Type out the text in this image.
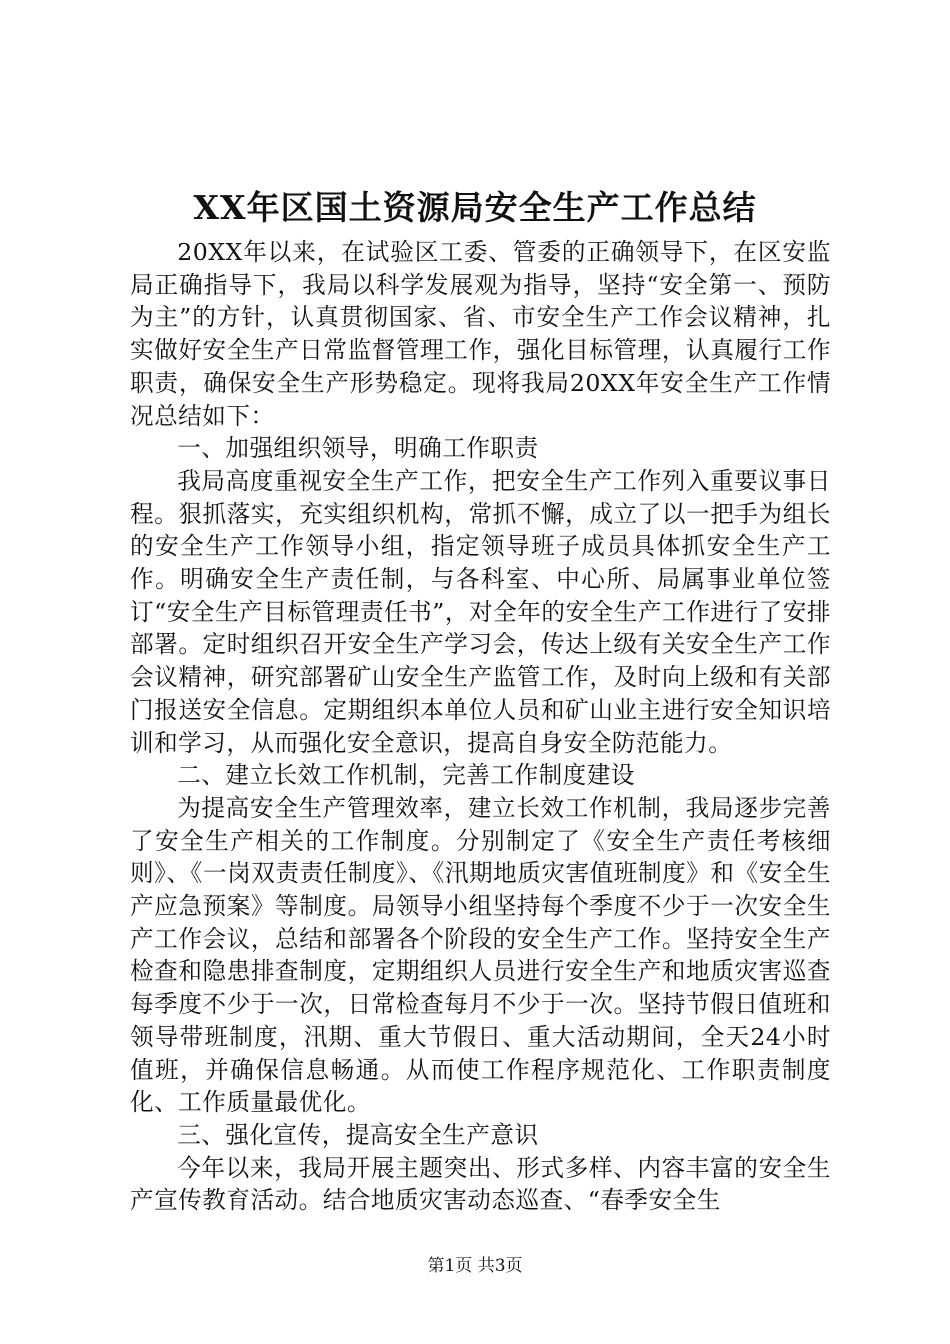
XX年区国土资源局安全生产工作总结

20XX年以来，在试验区工委、管委的正确领导下，在区安监局正确指导下，我局以科学发展观为指导，坚持“安全第一、预防为主”的方针，认真贯彻国家、省、市安全生产工作会议精神，扎实做好安全生产日常监督管理工作，强化目标管理，认真履行工作职责，确保安全生产形势稳定。现将我局20XX年安全生产工作情况总结如下：

一、加强组织领导，明确工作职责

我局高度重视安全生产工作，把安全生产工作列入重要议事日程。狠抓落实，充实组织机构，常抓不懈，成立了以一把手为组长的安全生产工作领导小组，指定领导班子成员具体抓安全生产工作。明确安全生产责任制，与各科室、中心所、局属事业单位签订“安全生产目标管理责任书”，对全年的安全生产工作进行了安排部署。定时组织召开安全生产学习会，传达上级有关安全生产工作会议精神，研究部署矿山安全生产监管工作，及时向上级和有关部门报送安全信息。定期组织本单位人员和矿山业主进行安全知识培训和学习，从而强化安全意识，提高自身安全防范能力。

二、建立长效工作机制，完善工作制度建设

为提高安全生产管理效率，建立长效工作机制，我局逐步完善了安全生产相关的工作制度。分别制定了《安全生产责任考核细则》、《一岗双责责任制度》、《汛期地质灾害值班制度》和《安全生产应急预案》等制度。局领导小组坚持每个季度不少于一次安全生产工作会议，总结和部署各个阶段的安全生产工作。坚持安全生产检查和隐患排查制度，定期组织人员进行安全生产和地质灾害巡查每季度不少于一次，日常检查每月不少于一次。坚持节假日值班和领导带班制度，汛期、重大节假日、重大活动期间，全天24小时值班，并确保信息畅通。从而使工作程序规范化、工作职责制度化、工作质量最优化。

三、强化宣传，提高安全生产意识

今年以来，我局开展主题突出、形式多样、内容丰富的安全生产宣传教育活动。结合地质灾害动态巡查、“春季安全生

第1页 共3页
